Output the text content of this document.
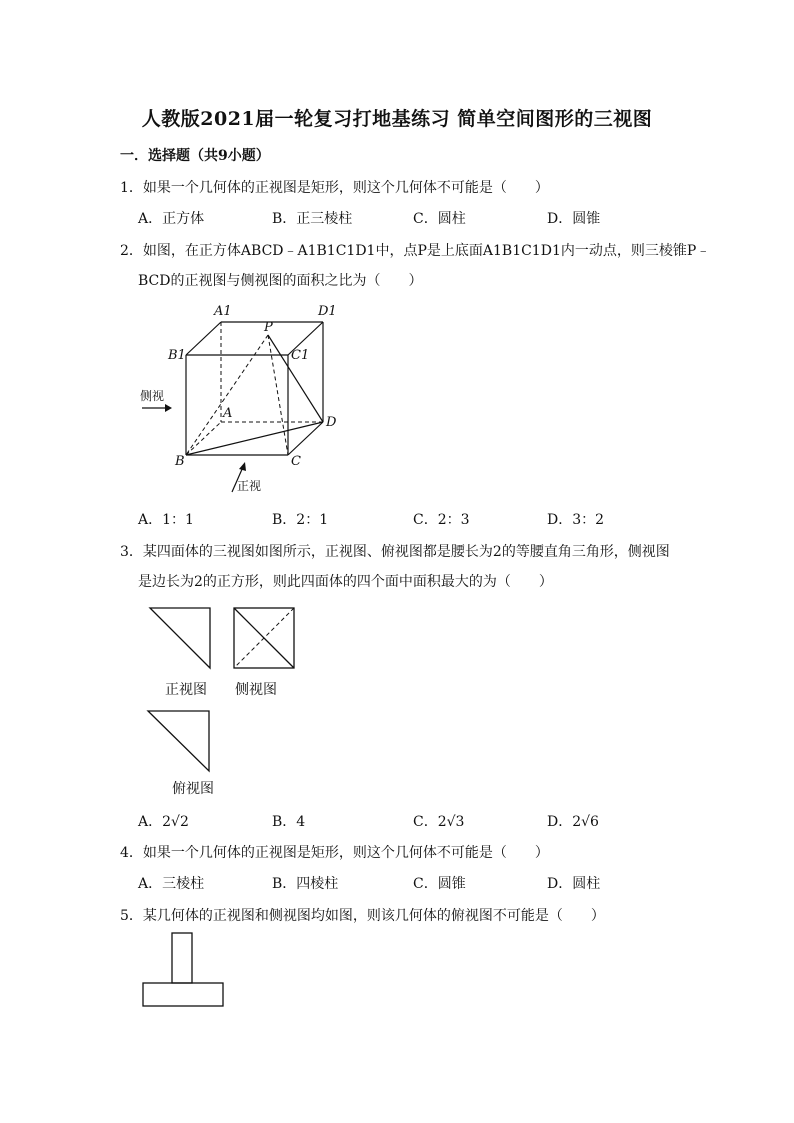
人教版2021届一轮复习打地基练习 简单空间图形的三视图
一．选择题（共9小题）
1．如果一个几何体的正视图是矩形，则这个几何体不可能是（　　）
A．正方体	B．正三棱柱	C．圆柱	D．圆锥
2．如图，在正方体ABCD﹣A1B1C1D1中，点P是上底面A1B1C1D1内一动点，则三棱锥P﹣
BCD的正视图与侧视图的面积之比为（　　）
A1	D1
P
B1	C1
A
D
B	C
侧视
正视
A．1：1	B．2：1	C．2：3	D．3：2
3．某四面体的三视图如图所示，正视图、俯视图都是腰长为2的等腰直角三角形，侧视图
是边长为2的正方形，则此四面体的四个面中面积最大的为（　　）
正视图 侧视图
俯视图
A．2√2	B．4	C．2√3	D．2√6
4．如果一个几何体的正视图是矩形，则这个几何体不可能是（　　）
A．三棱柱	B．四棱柱	C．圆锥	D．圆柱
5．某几何体的正视图和侧视图均如图，则该几何体的俯视图不可能是（　　）
